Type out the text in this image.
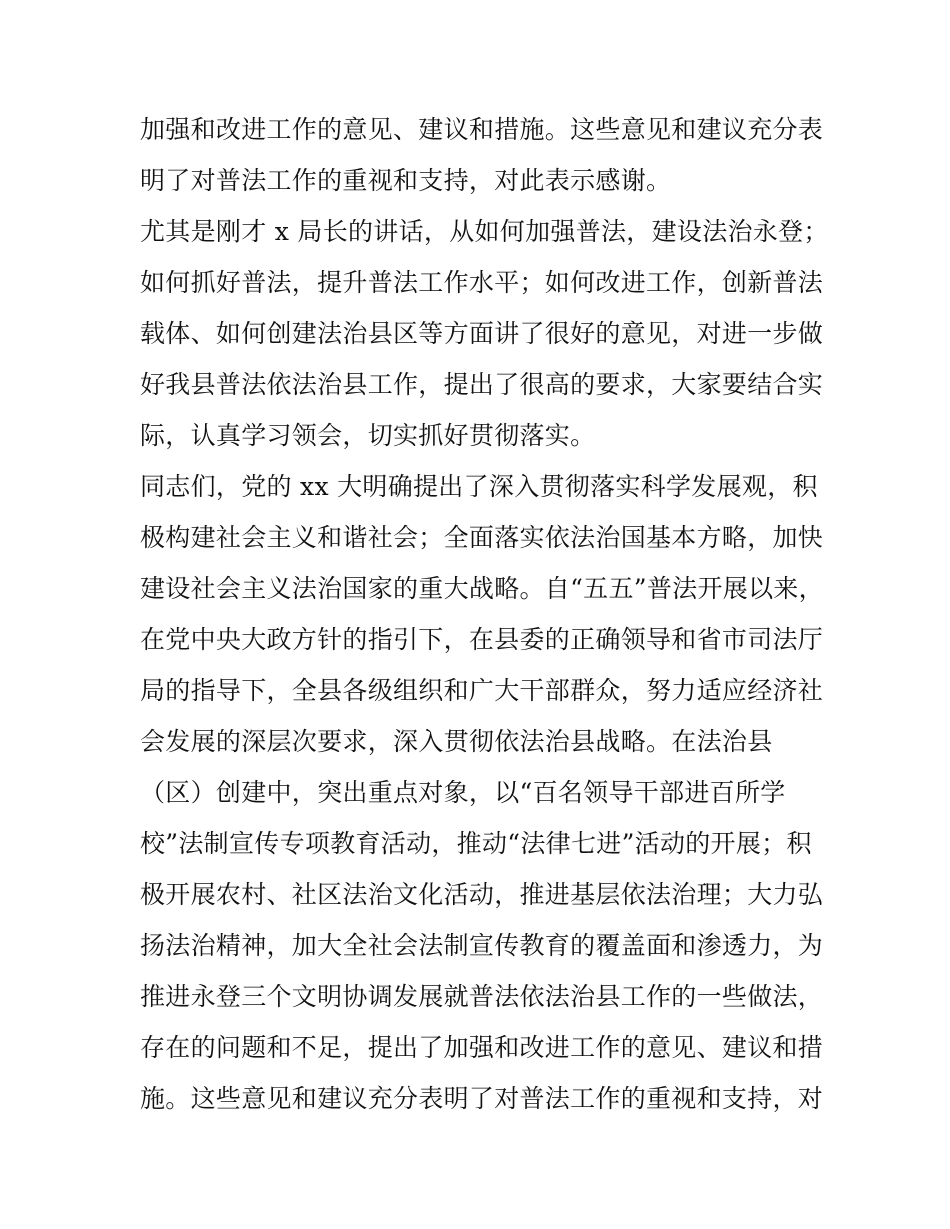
加强和改进工作的意见、建议和措施。这些意见和建议充分表
明了对普法工作的重视和支持，对此表示感谢。
尤其是刚才 x 局长的讲话，从如何加强普法，建设法治永登；
如何抓好普法，提升普法工作水平；如何改进工作，创新普法
载体、如何创建法治县区等方面讲了很好的意见，对进一步做
好我县普法依法治县工作，提出了很高的要求，大家要结合实
际，认真学习领会，切实抓好贯彻落实。
同志们，党的 xx 大明确提出了深入贯彻落实科学发展观，积
极构建社会主义和谐社会；全面落实依法治国基本方略，加快
建设社会主义法治国家的重大战略。自“五五”普法开展以来，
在党中央大政方针的指引下，在县委的正确领导和省市司法厅
局的指导下，全县各级组织和广大干部群众，努力适应经济社
会发展的深层次要求，深入贯彻依法治县战略。在法治县
（区）创建中，突出重点对象，以“百名领导干部进百所学
校”法制宣传专项教育活动，推动“法律七进”活动的开展；积
极开展农村、社区法治文化活动，推进基层依法治理；大力弘
扬法治精神，加大全社会法制宣传教育的覆盖面和渗透力，为
推进永登三个文明协调发展就普法依法治县工作的一些做法，
存在的问题和不足，提出了加强和改进工作的意见、建议和措
施。这些意见和建议充分表明了对普法工作的重视和支持，对
